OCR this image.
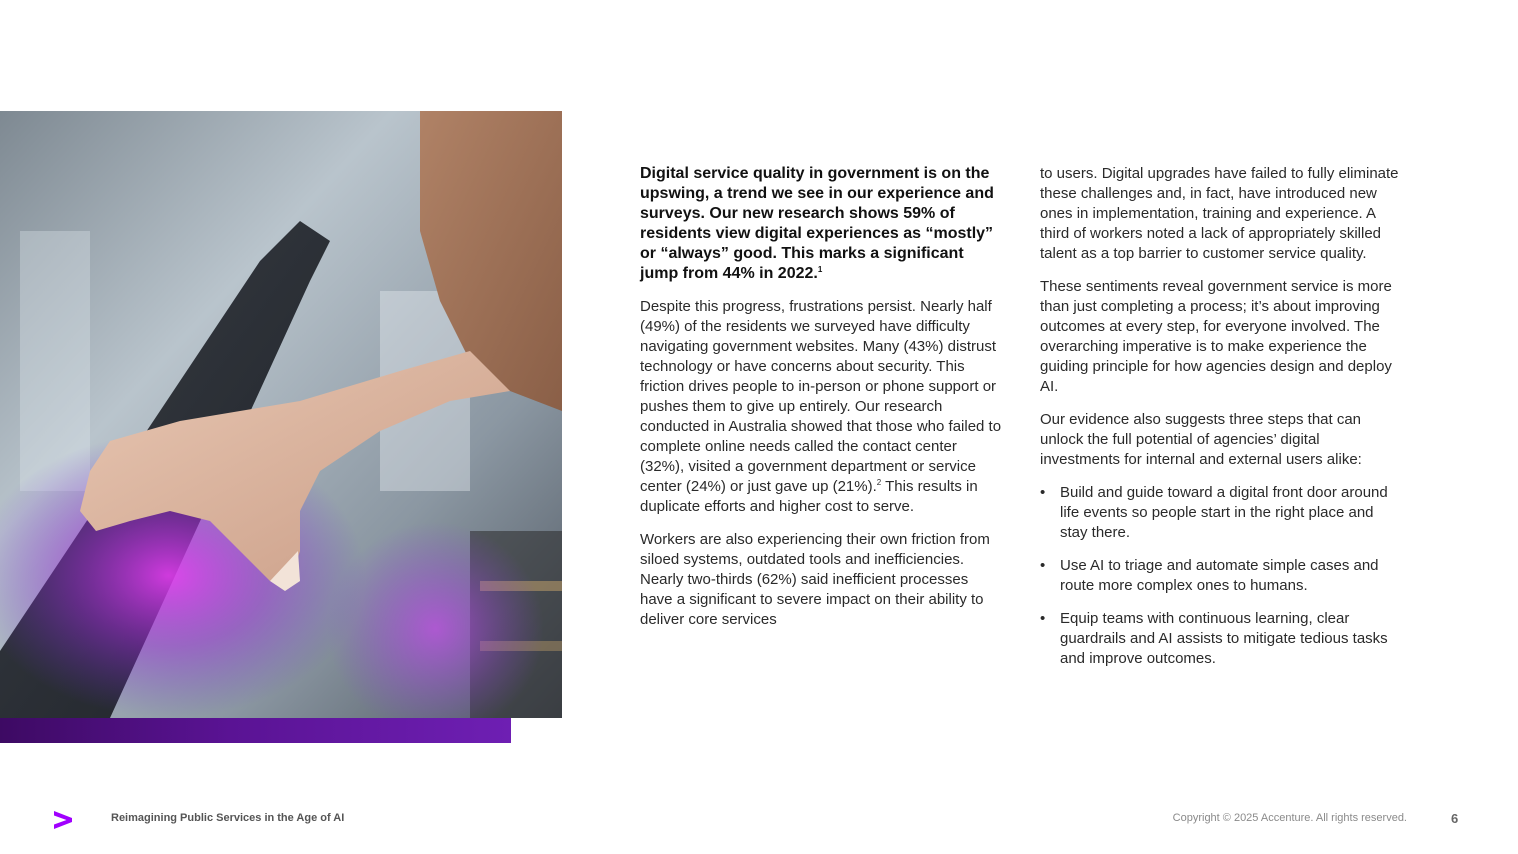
Digital service quality in government is on the upswing, a trend we see in our experience and surveys. Our new research shows 59% of residents view digital experiences as “mostly” or “always” good. This marks a significant jump from 44% in 2022.$^1$

Despite this progress, frustrations persist. Nearly half (49%) of the residents we surveyed have difficulty navigating government websites. Many (43%) distrust technology or have concerns about security. This friction drives people to in-person or phone support or pushes them to give up entirely. Our research conducted in Australia showed that those who failed to complete online needs called the contact center (32%), visited a government department or service center (24%) or just gave up (21%).$^2$ This results in duplicate efforts and higher cost to serve.

Workers are also experiencing their own friction from siloed systems, outdated tools and inefficiencies. Nearly two-thirds (62%) said inefficient processes have a significant to severe impact on their ability to deliver core services

to users. Digital upgrades have failed to fully eliminate these challenges and, in fact, have introduced new ones in implementation, training and experience. A third of workers noted a lack of appropriately skilled talent as a top barrier to customer service quality.

These sentiments reveal government service is more than just completing a process; it’s about improving outcomes at every step, for everyone involved. The overarching imperative is to make experience the guiding principle for how agencies design and deploy AI.

Our evidence also suggests three steps that can unlock the full potential of agencies’ digital investments for internal and external users alike:

• Build and guide toward a digital front door around life events so people start in the right place and stay there.
• Use AI to triage and automate simple cases and route more complex ones to humans.
• Equip teams with continuous learning, clear guardrails and AI assists to mitigate tedious tasks and improve outcomes.
Reimagining Public Services in the Age of AI	Copyright © 2025 Accenture. All rights reserved.	6
